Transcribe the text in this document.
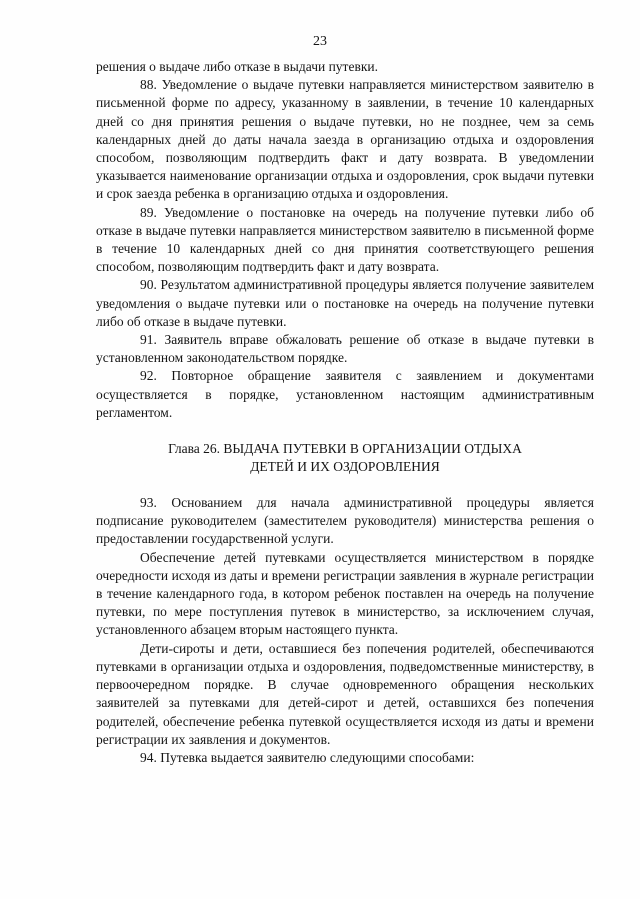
23

решения о выдаче либо отказе в выдачи путевки.

88. Уведомление о выдаче путевки направляется министерством заявителю в письменной форме по адресу, указанному в заявлении, в течение 10 календарных дней со дня принятия решения о выдаче путевки, но не позднее, чем за семь календарных дней до даты начала заезда в организацию отдыха и оздоровления способом, позволяющим подтвердить факт и дату возврата. В уведомлении указывается наименование организации отдыха и оздоровления, срок выдачи путевки и срок заезда ребенка в организацию отдыха и оздоровления.

89. Уведомление о постановке на очередь на получение путевки либо об отказе в выдаче путевки направляется министерством заявителю в письменной форме в течение 10 календарных дней со дня принятия соответствующего решения способом, позволяющим подтвердить факт и дату возврата.

90. Результатом административной процедуры является получение заявителем уведомления о выдаче путевки или о постановке на очередь на получение путевки либо об отказе в выдаче путевки.

91. Заявитель вправе обжаловать решение об отказе в выдаче путевки в установленном законодательством порядке.

92. Повторное обращение заявителя с заявлением и документами осуществляется в порядке, установленном настоящим административным регламентом.

Глава 26. ВЫДАЧА ПУТЕВКИ В ОРГАНИЗАЦИИ ОТДЫХА
ДЕТЕЙ И ИХ ОЗДОРОВЛЕНИЯ

93. Основанием для начала административной процедуры является подписание руководителем (заместителем руководителя) министерства решения о предоставлении государственной услуги.

Обеспечение детей путевками осуществляется министерством в порядке очередности исходя из даты и времени регистрации заявления в журнале регистрации в течение календарного года, в котором ребенок поставлен на очередь на получение путевки, по мере поступления путевок в министерство, за исключением случая, установленного абзацем вторым настоящего пункта.

Дети-сироты и дети, оставшиеся без попечения родителей, обеспечиваются путевками в организации отдыха и оздоровления, подведомственные министерству, в первоочередном порядке. В случае одновременного обращения нескольких заявителей за путевками для детей-сирот и детей, оставшихся без попечения родителей, обеспечение ребенка путевкой осуществляется исходя из даты и времени регистрации их заявления и документов.

94. Путевка выдается заявителю следующими способами:
